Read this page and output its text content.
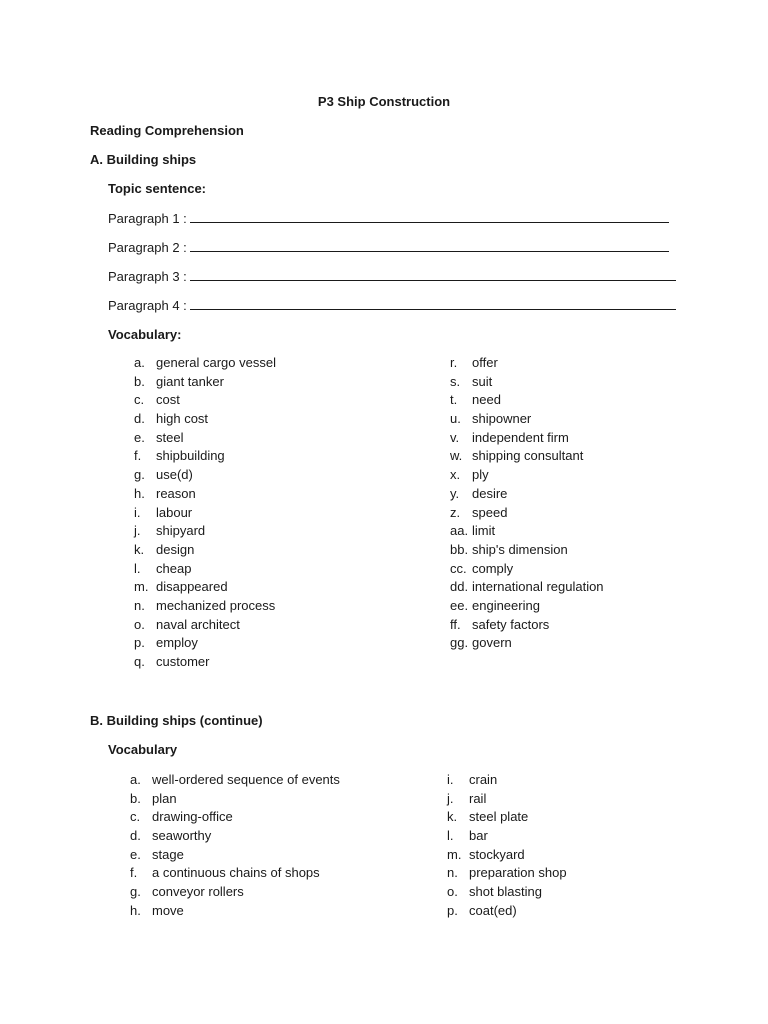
P3 Ship Construction
Reading Comprehension
A. Building ships
Topic sentence:
Paragraph 1 :
Paragraph 2 :
Paragraph 3 :
Paragraph 4 :
Vocabulary:
a. general cargo vessel
b. giant tanker
c. cost
d. high cost
e. steel
f. shipbuilding
g. use(d)
h. reason
i. labour
j. shipyard
k. design
l. cheap
m. disappeared
n. mechanized process
o. naval architect
p. employ
q. customer
r. offer
s. suit
t. need
u. shipowner
v. independent firm
w. shipping consultant
x. ply
y. desire
z. speed
aa. limit
bb. ship's dimension
cc. comply
dd. international regulation
ee. engineering
ff. safety factors
gg. govern
B. Building ships (continue)
Vocabulary
a. well-ordered sequence of events
b. plan
c. drawing-office
d. seaworthy
e. stage
f. a continuous chains of shops
g. conveyor rollers
h. move
i. crain
j. rail
k. steel plate
l. bar
m. stockyard
n. preparation shop
o. shot blasting
p. coat(ed)
